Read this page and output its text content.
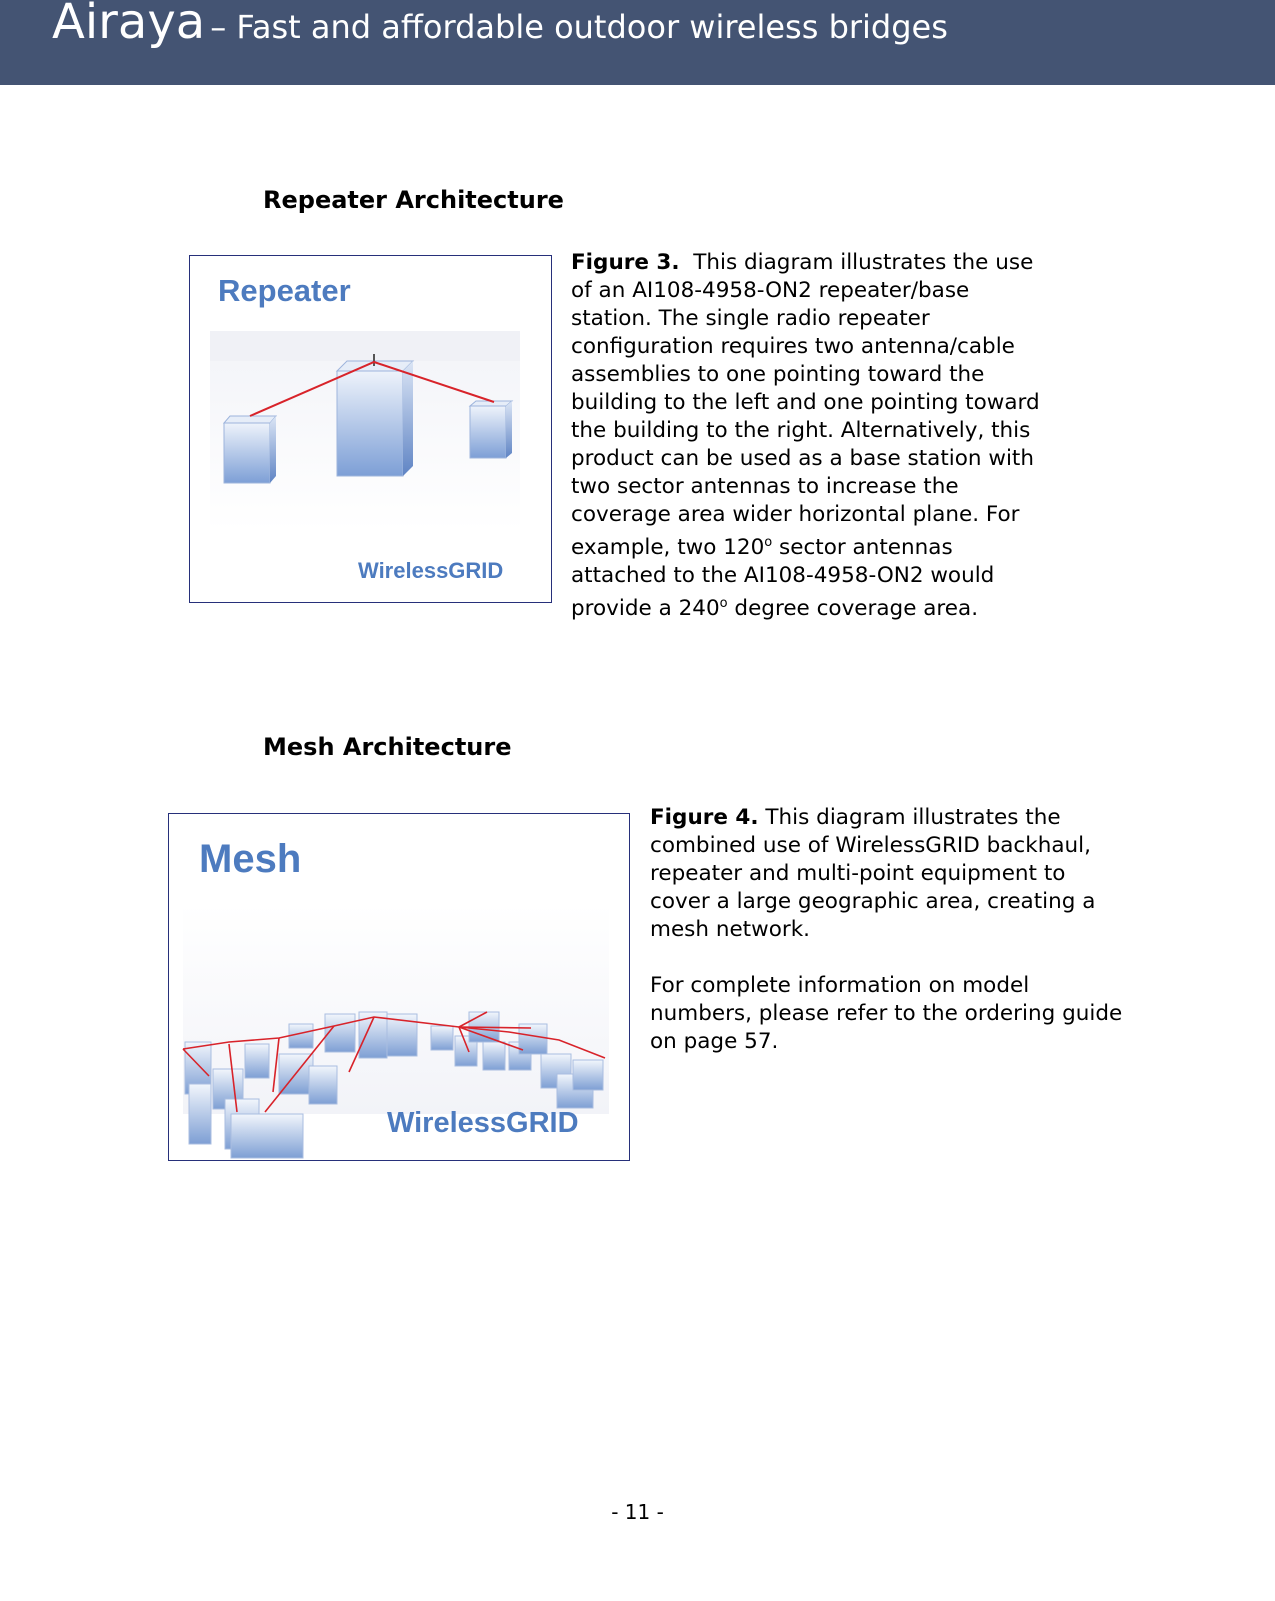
Airaya – Fast and affordable outdoor wireless bridges
Repeater Architecture
Repeater
WirelessGRID

Figure 3. This diagram illustrates the use

of an AI108-4958-ON2 repeater/base

station. The single radio repeater

configuration requires two antenna/cable

assemblies to one pointing toward the

building to the left and one pointing toward

the building to the right. Alternatively, this

product can be used as a base station with

two sector antennas to increase the

coverage area wider horizontal plane. For

example, two 120$^o$ sector antennas

attached to the AI108-4958-ON2 would

provide a 240$^o$ degree coverage area.

Mesh Architecture
Mesh
WirelessGRID

Figure 4. This diagram illustrates the

combined use of WirelessGRID backhaul,

repeater and multi-point equipment to

cover a large geographic area, creating a

mesh network.

For complete information on model

numbers, please refer to the ordering guide

on page 57.

- 11 -
